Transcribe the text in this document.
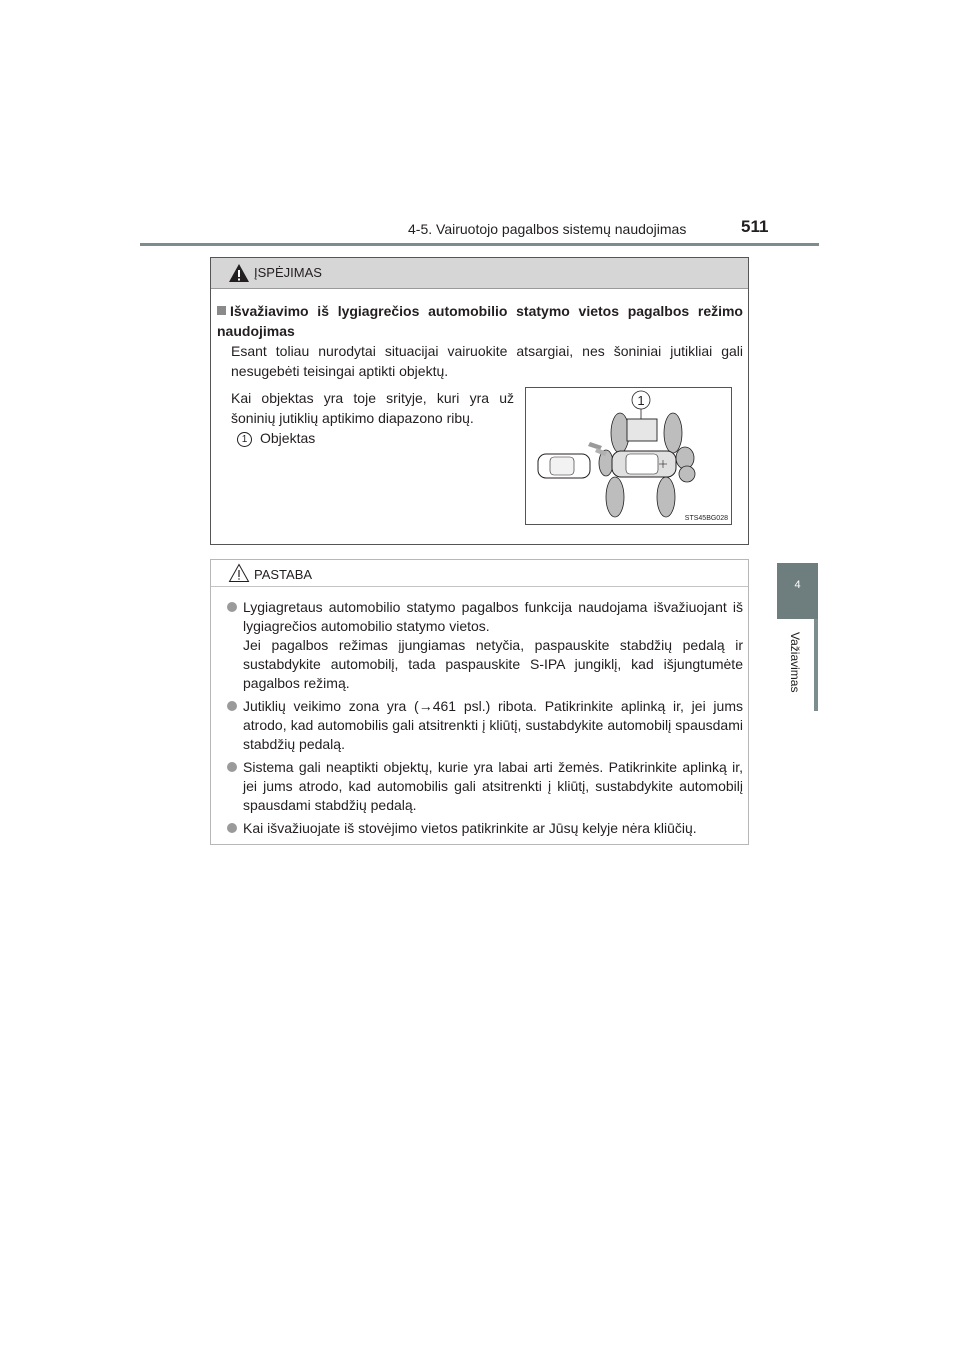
4-5. Vairuotojo pagalbos sistemų naudojimas	511
4
Važiavimas
ĮSPĖJIMAS
Išvažiavimo iš lygiagrečios automobilio statymo vietos pagalbos režimo naudojimas
Esant toliau nurodytai situacijai vairuokite atsargiai, nes šoniniai jutikliai gali nesugebėti teisingai aptikti objektų.
Kai objektas yra toje srityje, kuri yra už šoninių jutiklių aptikimo diapazono ribų.
1 Objektas
1
STS45BG028
PASTABA
Lygiagretaus automobilio statymo pagalbos funkcija naudojama išvažiuojant iš lygiagrečios automobilio statymo vietos.
Jei pagalbos režimas įjungiamas netyčia, paspauskite stabdžių pedalą ir sustabdykite automobilį, tada paspauskite S-IPA jungiklį, kad išjungtumėte pagalbos režimą.
Jutiklių veikimo zona yra (→461 psl.) ribota. Patikrinkite aplinką ir, jei jums atrodo, kad automobilis gali atsitrenkti į kliūtį, sustabdykite automobilį spausdami stabdžių pedalą.
Sistema gali neaptikti objektų, kurie yra labai arti žemės. Patikrinkite aplinką ir, jei jums atrodo, kad automobilis gali atsitrenkti į kliūtį, sustabdykite automobilį spausdami stabdžių pedalą.
Kai išvažiuojate iš stovėjimo vietos patikrinkite ar Jūsų kelyje nėra kliūčių.
